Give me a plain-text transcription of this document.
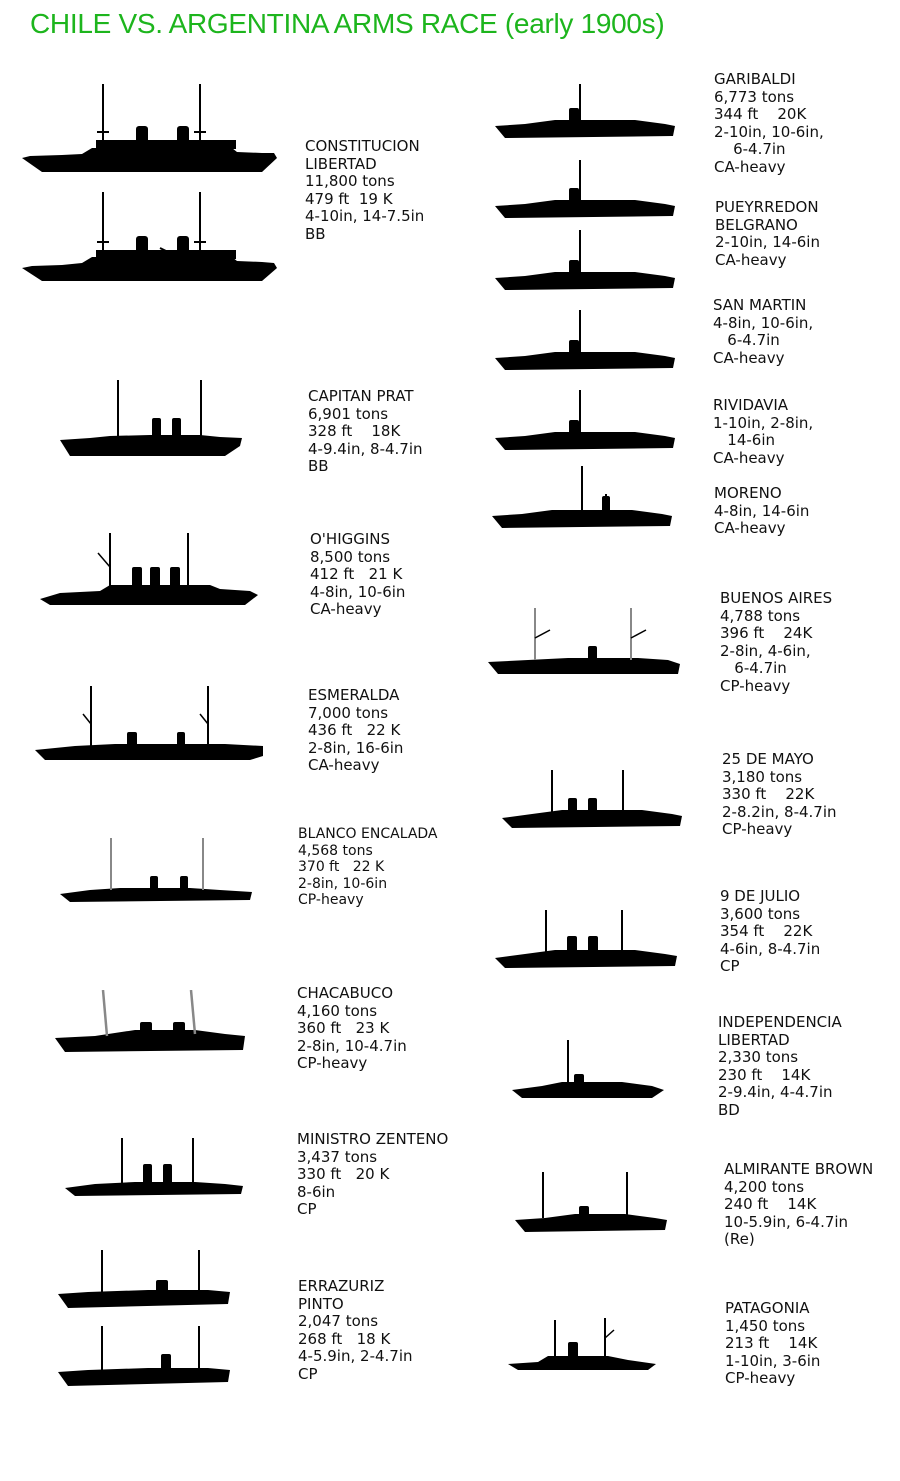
CHILE VS. ARGENTINA ARMS RACE (early 1900s)
CONSTITUCION
LIBERTAD
11,800 tons
479 ft  19 K
4-10in, 14-7.5in
BB
CAPITAN PRAT
6,901 tons
328 ft    18K
4-9.4in, 8-4.7in
BB
O'HIGGINS
8,500 tons
412 ft   21 K
4-8in, 10-6in
CA-heavy
ESMERALDA
7,000 tons
436 ft   22 K
2-8in, 16-6in
CA-heavy
BLANCO ENCALADA
4,568 tons
370 ft   22 K
2-8in, 10-6in
CP-heavy
CHACABUCO
4,160 tons
360 ft   23 K
2-8in, 10-4.7in
CP-heavy
MINISTRO ZENTENO
3,437 tons
330 ft   20 K
8-6in
CP
ERRAZURIZ
PINTO
2,047 tons
268 ft   18 K
4-5.9in, 2-4.7in
CP
GARIBALDI
6,773 tons
344 ft    20K
2-10in, 10-6in,
6-4.7in
CA-heavy
PUEYRREDON
BELGRANO
2-10in, 14-6in
CA-heavy
SAN MARTIN
4-8in, 10-6in,
6-4.7in
CA-heavy
RIVIDAVIA
1-10in, 2-8in,
14-6in
CA-heavy
MORENO
4-8in, 14-6in
CA-heavy
BUENOS AIRES
4,788 tons
396 ft    24K
2-8in, 4-6in,
6-4.7in
CP-heavy
25 DE MAYO
3,180 tons
330 ft    22K
2-8.2in, 8-4.7in
CP-heavy
9 DE JULIO
3,600 tons
354 ft    22K
4-6in, 8-4.7in
CP
INDEPENDENCIA
LIBERTAD
2,330 tons
230 ft    14K
2-9.4in, 4-4.7in
BD
ALMIRANTE BROWN
4,200 tons
240 ft    14K
10-5.9in, 6-4.7in
(Re)
PATAGONIA
1,450 tons
213 ft    14K
1-10in, 3-6in
CP-heavy
